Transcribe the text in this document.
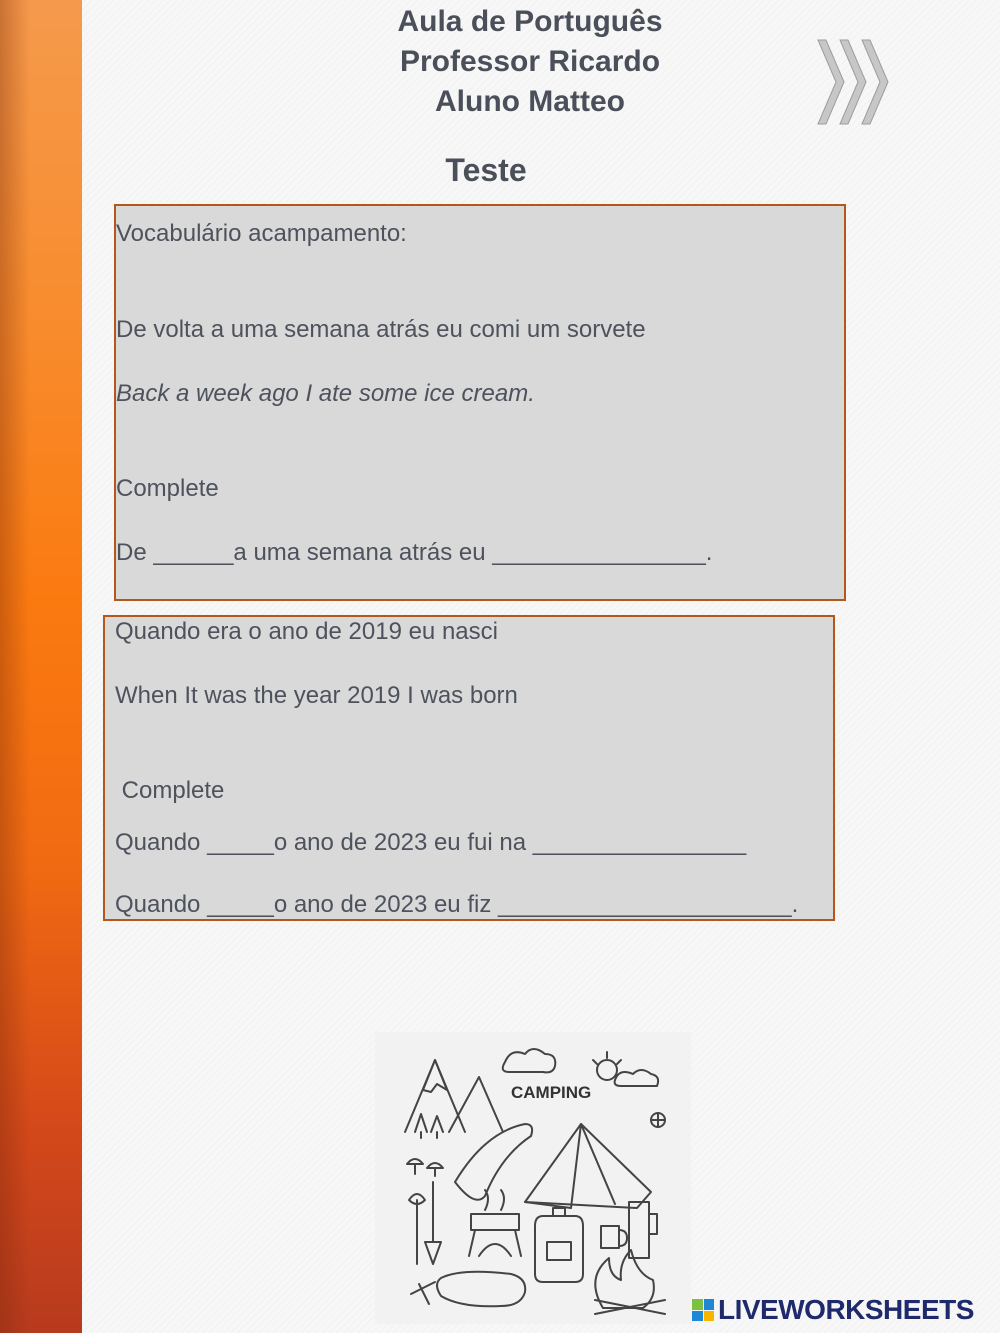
Aula de Português
Professor Ricardo
Aluno Matteo
Teste
Vocabulário acampamento:
De volta a uma semana atrás eu comi um sorvete
Back a week ago I ate some ice cream.
Complete
De ______a uma semana atrás eu ________________.
Quando era o ano de 2019 eu nasci
When It was the year 2019 I was born
Complete
Quando _____o ano de 2023 eu fui na ________________
Quando _____o ano de 2023 eu fiz ______________________.
CAMPING
LIVEWORKSHEETS
